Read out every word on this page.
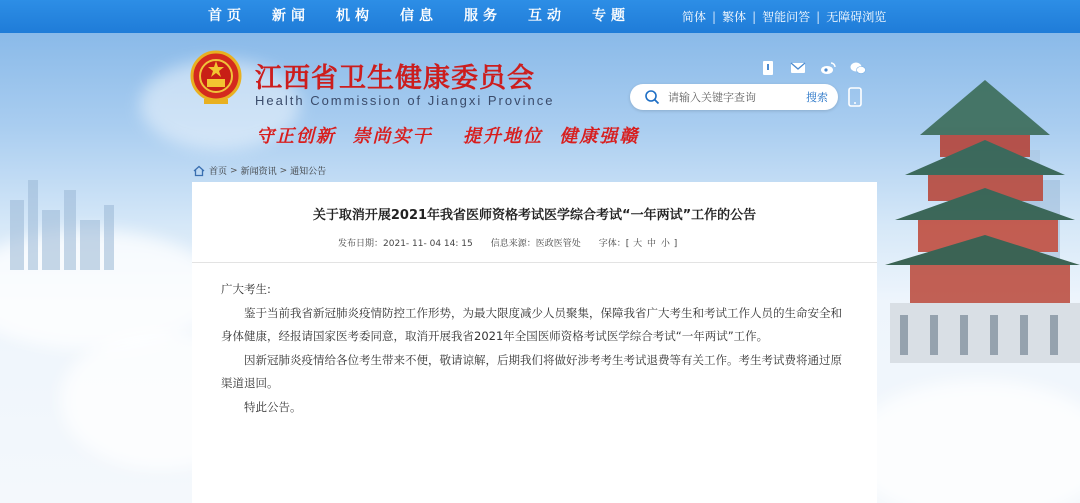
首页 新闻 机构 信息 服务 互动 专题	简体 | 繁体 | 智能问答 | 无障碍浏览
江西省卫生健康委员会
Health Commission of Jiangxi Province
守正创新  崇尚实干 提升地位  健康强赣
请输入关键字查询
搜索
首页 > 新闻资讯 > 通知公告
关于取消开展2021年我省医师资格考试医学综合考试“一年两试”工作的公告
发布日期：2021- 11- 04 14: 15 信息来源：医政医管处 字体：[ 大 中 小 ]

广大考生:

鉴于当前我省新冠肺炎疫情防控工作形势，为最大限度减少人员聚集，保障我省广大考生和考试工作人员的生命安全和身体健康，经报请国家医考委同意，取消开展我省2021年全国医师资格考试医学综合考试“一年两试”工作。

因新冠肺炎疫情给各位考生带来不便，敬请谅解，后期我们将做好涉考考生考试退费等有关工作。考生考试费将通过原渠道退回。

特此公告。
